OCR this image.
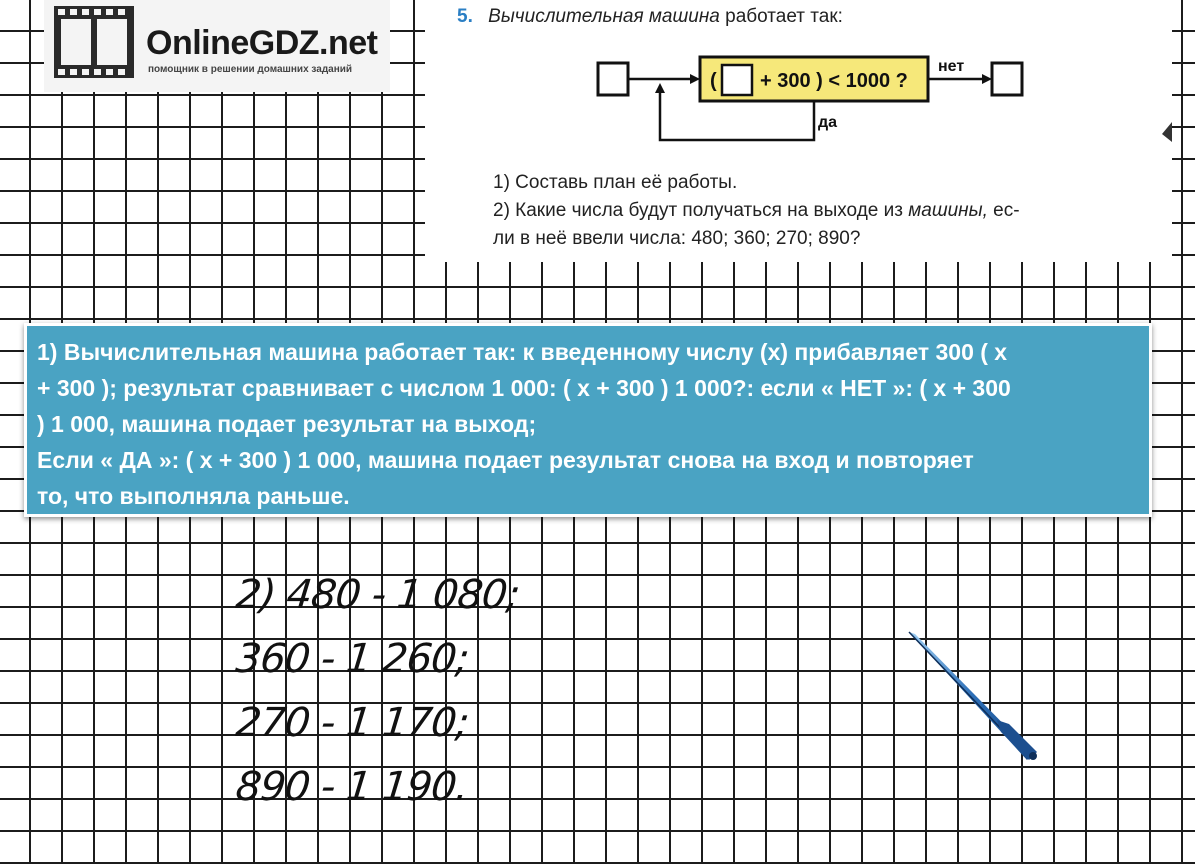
OnlineGDZ.net
помощник в решении домашних заданий
5. Вычислительная машина работает так:
( + 300 ) < 1000 ?
нет
да
1) Составь план её работы.
2) Какие числа будут получаться на выходе из машины, ес-
ли в неё ввели числа: 480; 360; 270; 890?
1) Вычислительная машина работает так: к введенному числу (х) прибавляет 300 ( х
+ 300 ); результат сравнивает с числом 1 000: ( х + 300 ) 1 000?: если « НЕТ »: ( х + 300
) 1 000, машина подает результат на выход;
Если « ДА »: ( х + 300 ) 1 000, машина подает результат снова на вход и повторяет
то, что выполняла раньше.
2) 480 - 1 080;
360 - 1 260;
270 - 1 170;
890 - 1 190.
